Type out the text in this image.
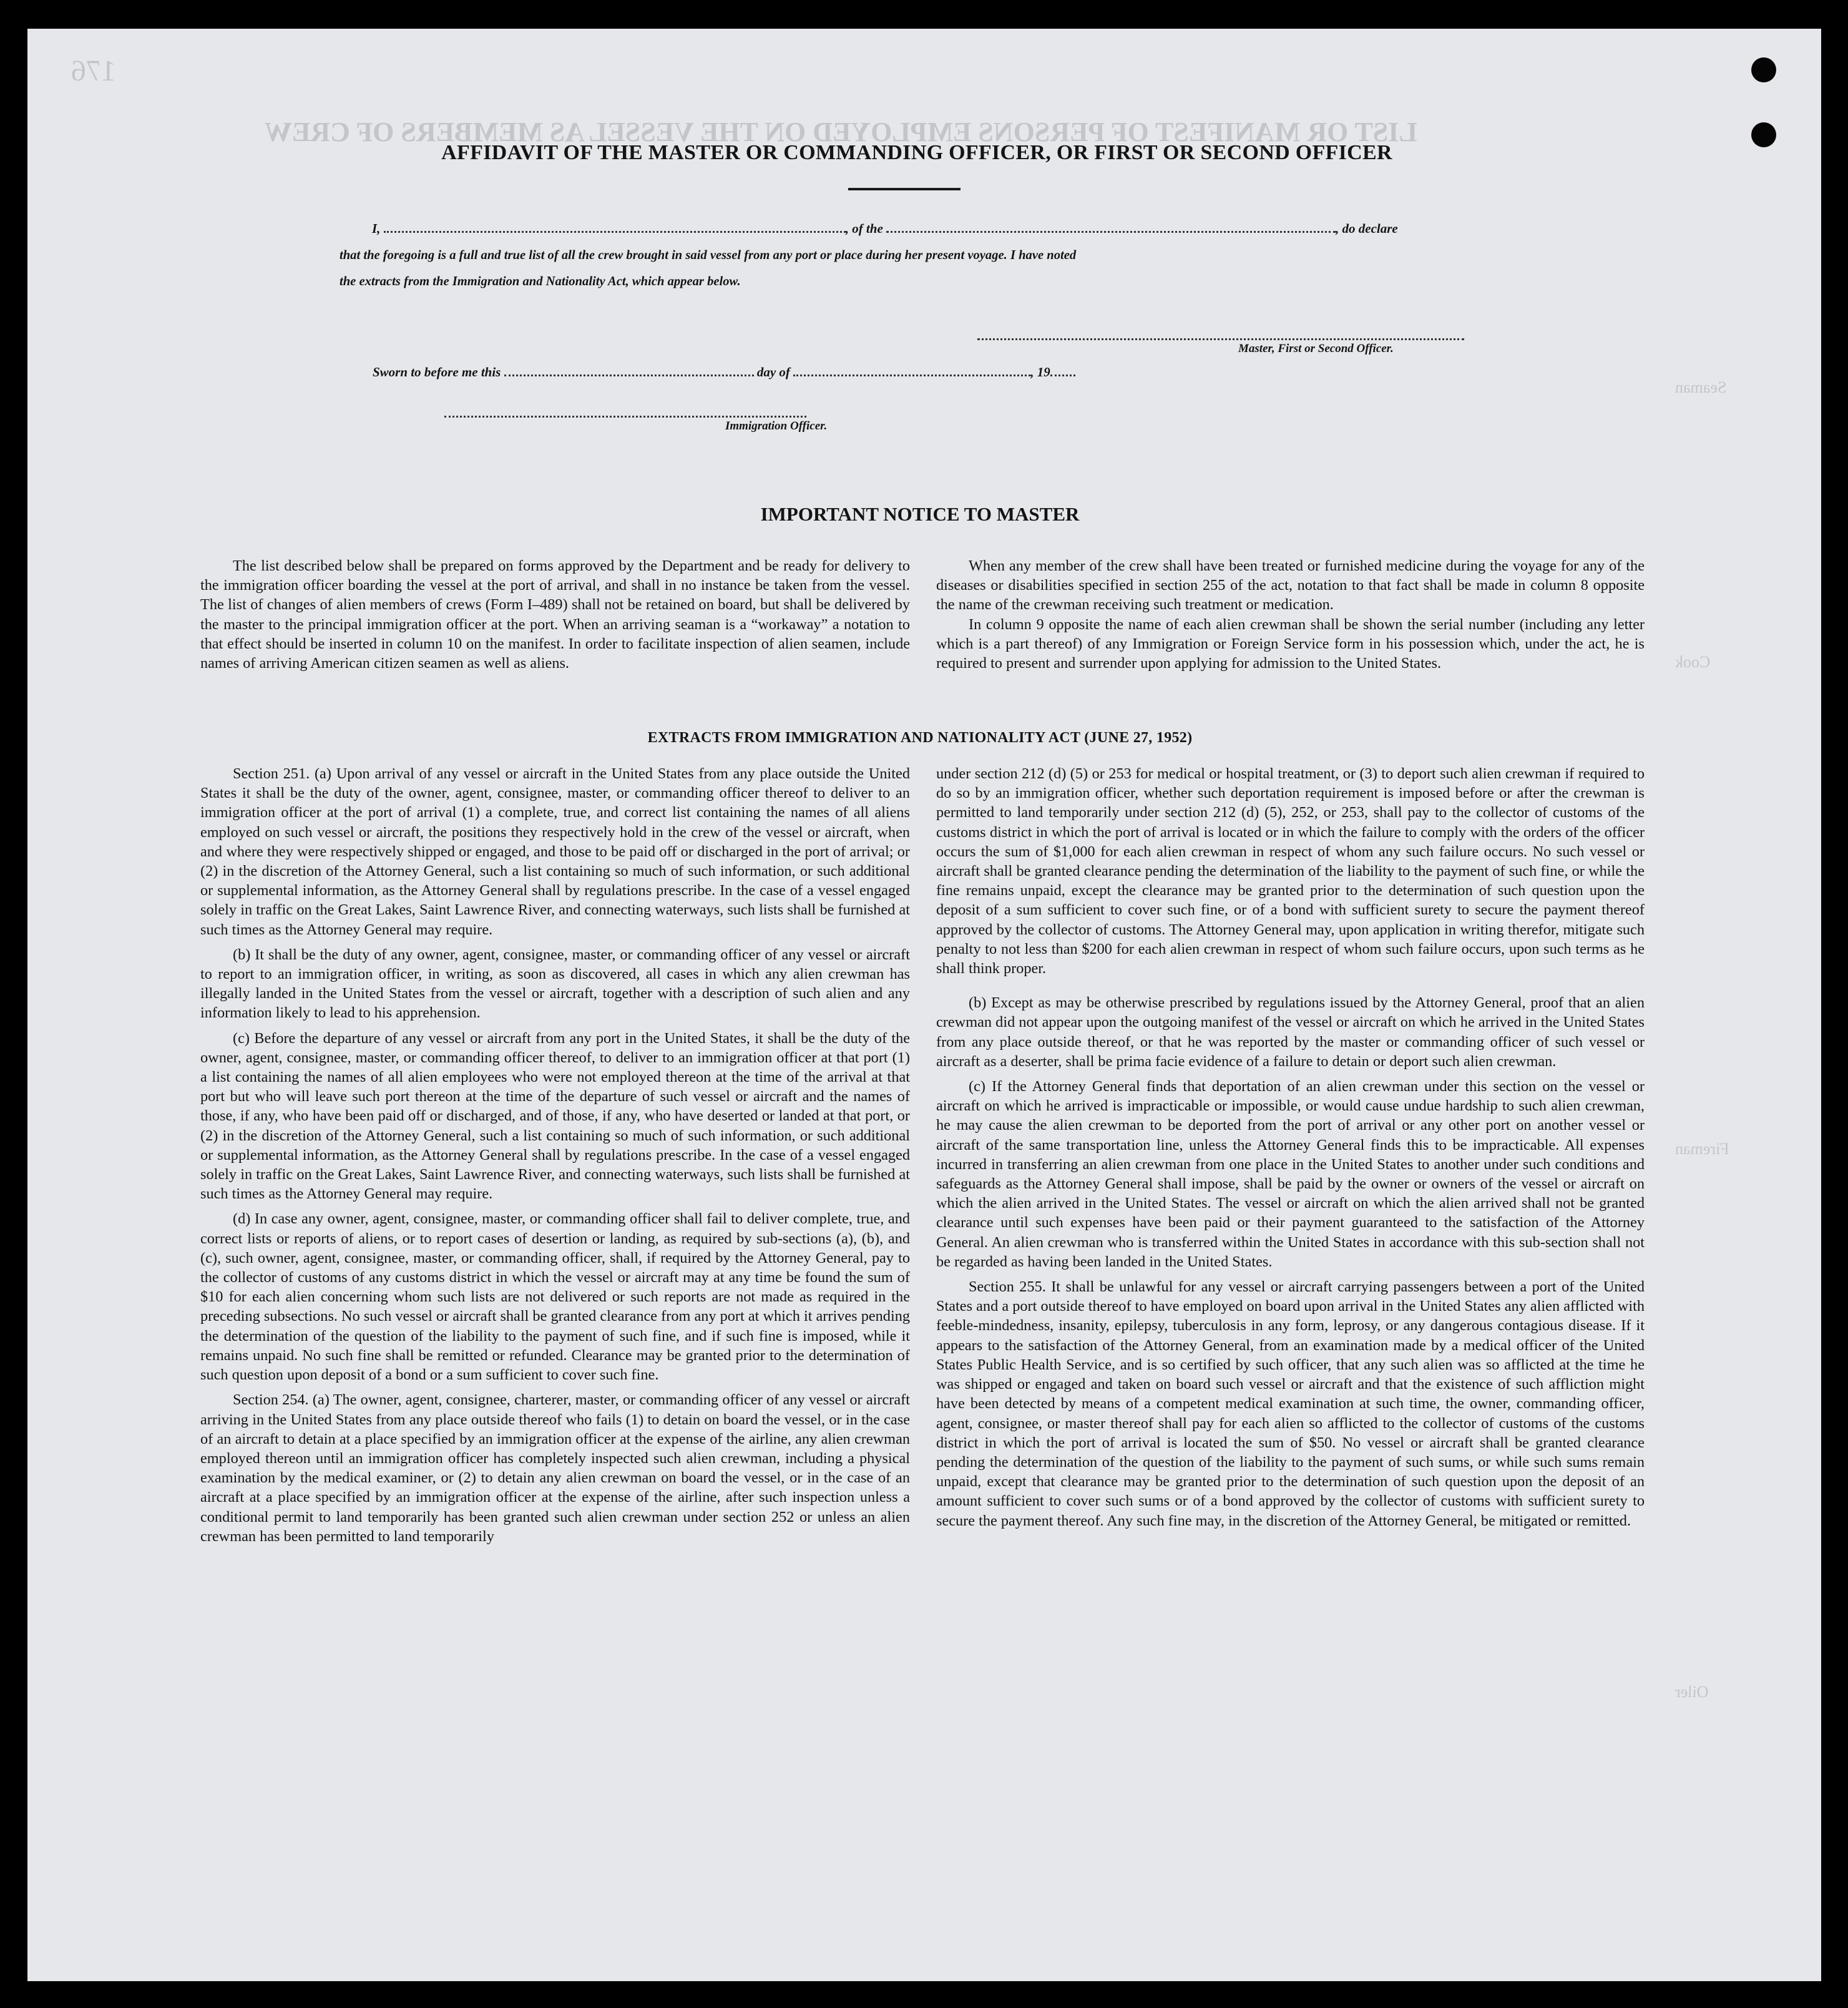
LIST OR MANIFEST OF PERSONS EMPLOYED ON THE VESSEL AS MEMBERS OF CREW
176
Seaman
Cook
Fireman
Oiler
AFFIDAVIT OF THE MASTER OR COMMANDING OFFICER, OR FIRST OR SECOND OFFICER
I,	, of the	, do declare
that the foregoing is a full and true list of all the crew brought in said vessel from any port or place during her present voyage. I have noted
the extracts from the Immigration and Nationality Act, which appear below.
Master, First or Second Officer.
Sworn to before me this	day of	, 19
Immigration Officer.
IMPORTANT NOTICE TO MASTER

The list described below shall be prepared on forms approved by the Department and be ready for delivery to the immigration officer boarding the vessel at the port of arrival, and shall in no instance be taken from the vessel. The list of changes of alien members of crews (Form I–489) shall not be retained on board, but shall be delivered by the master to the principal immigration officer at the port. When an arriving seaman is a “workaway” a notation to that effect should be inserted in column 10 on the manifest. In order to facilitate inspection of alien seamen, include names of arriving American citizen seamen as well as aliens.

When any member of the crew shall have been treated or furnished medicine during the voyage for any of the diseases or disabilities specified in section 255 of the act, notation to that fact shall be made in column 8 opposite the name of the crewman receiving such treatment or medication.

In column 9 opposite the name of each alien crewman shall be shown the serial number (including any letter which is a part thereof) of any Immigration or Foreign Service form in his possession which, under the act, he is required to present and surrender upon applying for admission to the United States.

EXTRACTS FROM IMMIGRATION AND NATIONALITY ACT (JUNE 27, 1952)

Section 251. (a) Upon arrival of any vessel or aircraft in the United States from any place outside the United States it shall be the duty of the owner, agent, consignee, master, or commanding officer thereof to deliver to an immigration officer at the port of arrival (1) a complete, true, and correct list containing the names of all aliens employed on such vessel or aircraft, the positions they respectively hold in the crew of the vessel or aircraft, when and where they were respectively shipped or engaged, and those to be paid off or discharged in the port of arrival; or (2) in the discretion of the Attorney General, such a list containing so much of such information, or such additional or supplemental information, as the Attorney General shall by regulations prescribe. In the case of a vessel engaged solely in traffic on the Great Lakes, Saint Lawrence River, and connecting waterways, such lists shall be furnished at such times as the Attorney General may require.

(b) It shall be the duty of any owner, agent, consignee, master, or commanding officer of any vessel or aircraft to report to an immigration officer, in writing, as soon as discovered, all cases in which any alien crewman has illegally landed in the United States from the vessel or aircraft, together with a description of such alien and any information likely to lead to his apprehension.

(c) Before the departure of any vessel or aircraft from any port in the United States, it shall be the duty of the owner, agent, consignee, master, or commanding officer thereof, to deliver to an immigration officer at that port (1) a list containing the names of all alien employees who were not employed thereon at the time of the arrival at that port but who will leave such port thereon at the time of the departure of such vessel or aircraft and the names of those, if any, who have been paid off or discharged, and of those, if any, who have deserted or landed at that port, or (2) in the discretion of the Attorney General, such a list containing so much of such information, or such additional or supplemental information, as the Attorney General shall by regulations prescribe. In the case of a vessel engaged solely in traffic on the Great Lakes, Saint Lawrence River, and connecting waterways, such lists shall be furnished at such times as the Attorney General may require.

(d) In case any owner, agent, consignee, master, or commanding officer shall fail to deliver complete, true, and correct lists or reports of aliens, or to report cases of desertion or landing, as required by sub-sections (a), (b), and (c), such owner, agent, consignee, master, or commanding officer, shall, if required by the Attorney General, pay to the collector of customs of any customs district in which the vessel or aircraft may at any time be found the sum of $10 for each alien concerning whom such lists are not delivered or such reports are not made as required in the preceding subsections. No such vessel or aircraft shall be granted clearance from any port at which it arrives pending the determination of the question of the liability to the payment of such fine, and if such fine is imposed, while it remains unpaid. No such fine shall be remitted or refunded. Clearance may be granted prior to the determination of such question upon deposit of a bond or a sum sufficient to cover such fine.

Section 254. (a) The owner, agent, consignee, charterer, master, or commanding officer of any vessel or aircraft arriving in the United States from any place outside thereof who fails (1) to detain on board the vessel, or in the case of an aircraft to detain at a place specified by an immigration officer at the expense of the airline, any alien crewman employed thereon until an immigration officer has completely inspected such alien crewman, including a physical examination by the medical examiner, or (2) to detain any alien crewman on board the vessel, or in the case of an aircraft at a place specified by an immigration officer at the expense of the airline, after such inspection unless a conditional permit to land temporarily has been granted such alien crewman under section 252 or unless an alien crewman has been permitted to land temporarily

under section 212 (d) (5) or 253 for medical or hospital treatment, or (3) to deport such alien crewman if required to do so by an immigration officer, whether such deportation requirement is imposed before or after the crewman is permitted to land temporarily under section 212 (d) (5), 252, or 253, shall pay to the collector of customs of the customs district in which the port of arrival is located or in which the failure to comply with the orders of the officer occurs the sum of $1,000 for each alien crewman in respect of whom any such failure occurs. No such vessel or aircraft shall be granted clearance pending the determination of the liability to the payment of such fine, or while the fine remains unpaid, except the clearance may be granted prior to the determination of such question upon the deposit of a sum sufficient to cover such fine, or of a bond with sufficient surety to secure the payment thereof approved by the collector of customs. The Attorney General may, upon application in writing therefor, mitigate such penalty to not less than $200 for each alien crewman in respect of whom such failure occurs, upon such terms as he shall think proper.

(b) Except as may be otherwise prescribed by regulations issued by the Attorney General, proof that an alien crewman did not appear upon the outgoing manifest of the vessel or aircraft on which he arrived in the United States from any place outside thereof, or that he was reported by the master or commanding officer of such vessel or aircraft as a deserter, shall be prima facie evidence of a failure to detain or deport such alien crewman.

(c) If the Attorney General finds that deportation of an alien crewman under this section on the vessel or aircraft on which he arrived is impracticable or impossible, or would cause undue hardship to such alien crewman, he may cause the alien crewman to be deported from the port of arrival or any other port on another vessel or aircraft of the same transportation line, unless the Attorney General finds this to be impracticable. All expenses incurred in transferring an alien crewman from one place in the United States to another under such conditions and safeguards as the Attorney General shall impose, shall be paid by the owner or owners of the vessel or aircraft on which the alien arrived in the United States. The vessel or aircraft on which the alien arrived shall not be granted clearance until such expenses have been paid or their payment guaranteed to the satisfaction of the Attorney General. An alien crewman who is transferred within the United States in accordance with this sub-section shall not be regarded as having been landed in the United States.

Section 255. It shall be unlawful for any vessel or aircraft carrying passengers between a port of the United States and a port outside thereof to have employed on board upon arrival in the United States any alien afflicted with feeble-mindedness, insanity, epilepsy, tuberculosis in any form, leprosy, or any dangerous contagious disease. If it appears to the satisfaction of the Attorney General, from an examination made by a medical officer of the United States Public Health Service, and is so certified by such officer, that any such alien was so afflicted at the time he was shipped or engaged and taken on board such vessel or aircraft and that the existence of such affliction might have been detected by means of a competent medical examination at such time, the owner, commanding officer, agent, consignee, or master thereof shall pay for each alien so afflicted to the collector of customs of the customs district in which the port of arrival is located the sum of $50. No vessel or aircraft shall be granted clearance pending the determination of the question of the liability to the payment of such sums, or while such sums remain unpaid, except that clearance may be granted prior to the determination of such question upon the deposit of an amount sufficient to cover such sums or of a bond approved by the collector of customs with sufficient surety to secure the payment thereof. Any such fine may, in the discretion of the Attorney General, be mitigated or remitted.
